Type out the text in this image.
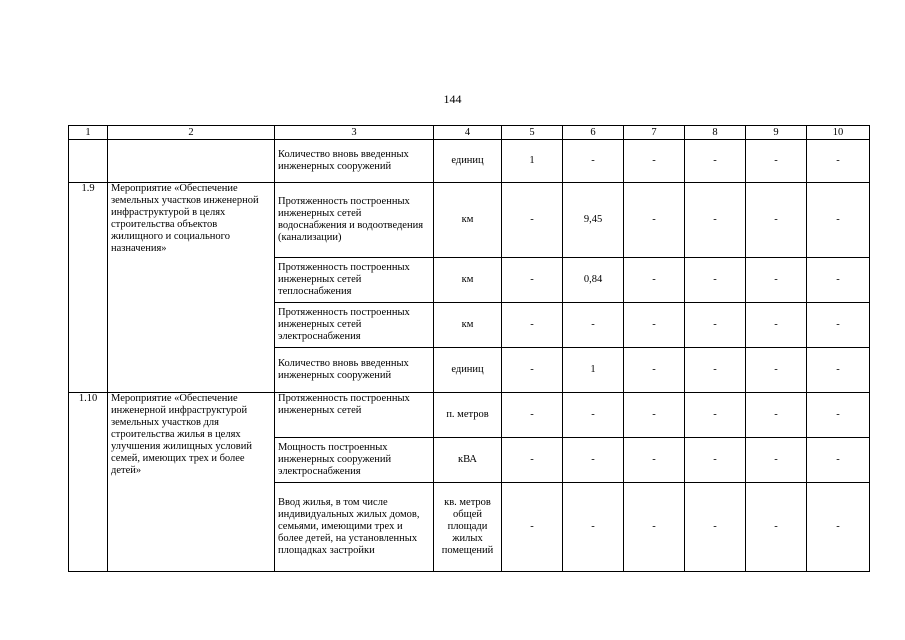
144
1	2	3	4	5	6	7	8	9	10
		Количество вновь введенных инженерных сооружений	единиц	1	-	-	-	-	-
1.9	Мероприятие «Обеспечение земельных участков инженерной инфраструктурой в целях строительства объектов жилищного и социального назначения»	Протяженность построенных инженерных сетей водоснабжения и водоотведения (канализации)	км	-	9,45	-	-	-	-
		Протяженность построенных инженерных сетей теплоснабжения	км	-	0,84	-	-	-	-
		Протяженность построенных инженерных сетей электроснабжения	км	-	-	-	-	-	-
		Количество вновь введенных инженерных сооружений	единиц	-	1	-	-	-	-
1.10	Мероприятие «Обеспечение инженерной инфраструктурой земельных участков для строительства жилья в целях улучшения жилищных условий семей, имеющих трех и более детей»	Протяженность построенных инженерных сетей	п. метров	-	-	-	-	-	-
		Мощность построенных инженерных сооружений электроснабжения	кВА	-	-	-	-	-	-
		Ввод жилья, в том числе индивидуальных жилых домов, семьями, имеющими трех и более детей, на установленных площадках застройки	кв. метров общей площади жилых помещений	-	-	-	-	-	-
